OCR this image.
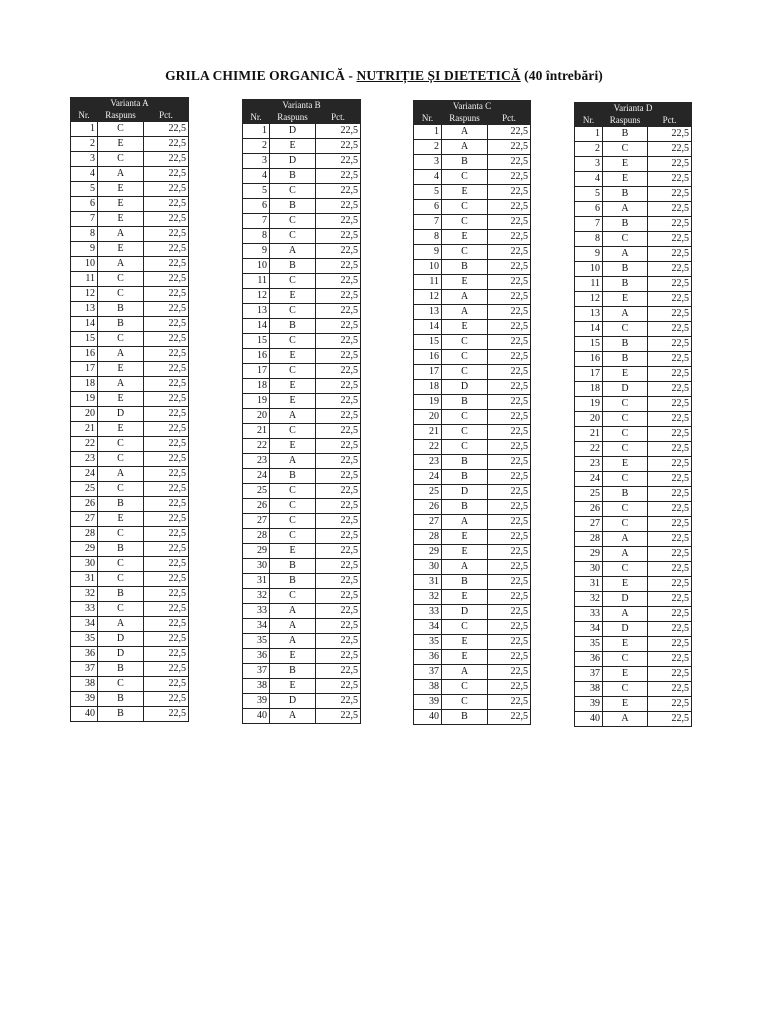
GRILA CHIMIE ORGANICĂ - NUTRIȚIE ȘI DIETETICĂ (40 întrebări)
Varianta A		
Nr.	Raspuns	Pct.
1	C	22,5
2	E	22,5
3	C	22,5
4	A	22,5
5	E	22,5
6	E	22,5
7	E	22,5
8	A	22,5
9	E	22,5
10	A	22,5
11	C	22,5
12	C	22,5
13	B	22,5
14	B	22,5
15	C	22,5
16	A	22,5
17	E	22,5
18	A	22,5
19	E	22,5
20	D	22,5
21	E	22,5
22	C	22,5
23	C	22,5
24	A	22,5
25	C	22,5
26	B	22,5
27	E	22,5
28	C	22,5
29	B	22,5
30	C	22,5
31	C	22,5
32	B	22,5
33	C	22,5
34	A	22,5
35	D	22,5
36	D	22,5
37	B	22,5
38	C	22,5
39	B	22,5
40	B	22,5
Varianta B		
Nr.	Raspuns	Pct.
1	D	22,5
2	E	22,5
3	D	22,5
4	B	22,5
5	C	22,5
6	B	22,5
7	C	22,5
8	C	22,5
9	A	22,5
10	B	22,5
11	C	22,5
12	E	22,5
13	C	22,5
14	B	22,5
15	C	22,5
16	E	22,5
17	C	22,5
18	E	22,5
19	E	22,5
20	A	22,5
21	C	22,5
22	E	22,5
23	A	22,5
24	B	22,5
25	C	22,5
26	C	22,5
27	C	22,5
28	C	22,5
29	E	22,5
30	B	22,5
31	B	22,5
32	C	22,5
33	A	22,5
34	A	22,5
35	A	22,5
36	E	22,5
37	B	22,5
38	E	22,5
39	D	22,5
40	A	22,5
Varianta C		
Nr.	Raspuns	Pct.
1	A	22,5
2	A	22,5
3	B	22,5
4	C	22,5
5	E	22,5
6	C	22,5
7	C	22,5
8	E	22,5
9	C	22,5
10	B	22,5
11	E	22,5
12	A	22,5
13	A	22,5
14	E	22,5
15	C	22,5
16	C	22,5
17	C	22,5
18	D	22,5
19	B	22,5
20	C	22,5
21	C	22,5
22	C	22,5
23	B	22,5
24	B	22,5
25	D	22,5
26	B	22,5
27	A	22,5
28	E	22,5
29	E	22,5
30	A	22,5
31	B	22,5
32	E	22,5
33	D	22,5
34	C	22,5
35	E	22,5
36	E	22,5
37	A	22,5
38	C	22,5
39	C	22,5
40	B	22,5
Varianta D		
Nr.	Raspuns	Pct.
1	B	22,5
2	C	22,5
3	E	22,5
4	E	22,5
5	B	22,5
6	A	22,5
7	B	22,5
8	C	22,5
9	A	22,5
10	B	22,5
11	B	22,5
12	E	22,5
13	A	22,5
14	C	22,5
15	B	22,5
16	B	22,5
17	E	22,5
18	D	22,5
19	C	22,5
20	C	22,5
21	C	22,5
22	C	22,5
23	E	22,5
24	C	22,5
25	B	22,5
26	C	22,5
27	C	22,5
28	A	22,5
29	A	22,5
30	C	22,5
31	E	22,5
32	D	22,5
33	A	22,5
34	D	22,5
35	E	22,5
36	C	22,5
37	E	22,5
38	C	22,5
39	E	22,5
40	A	22,5
